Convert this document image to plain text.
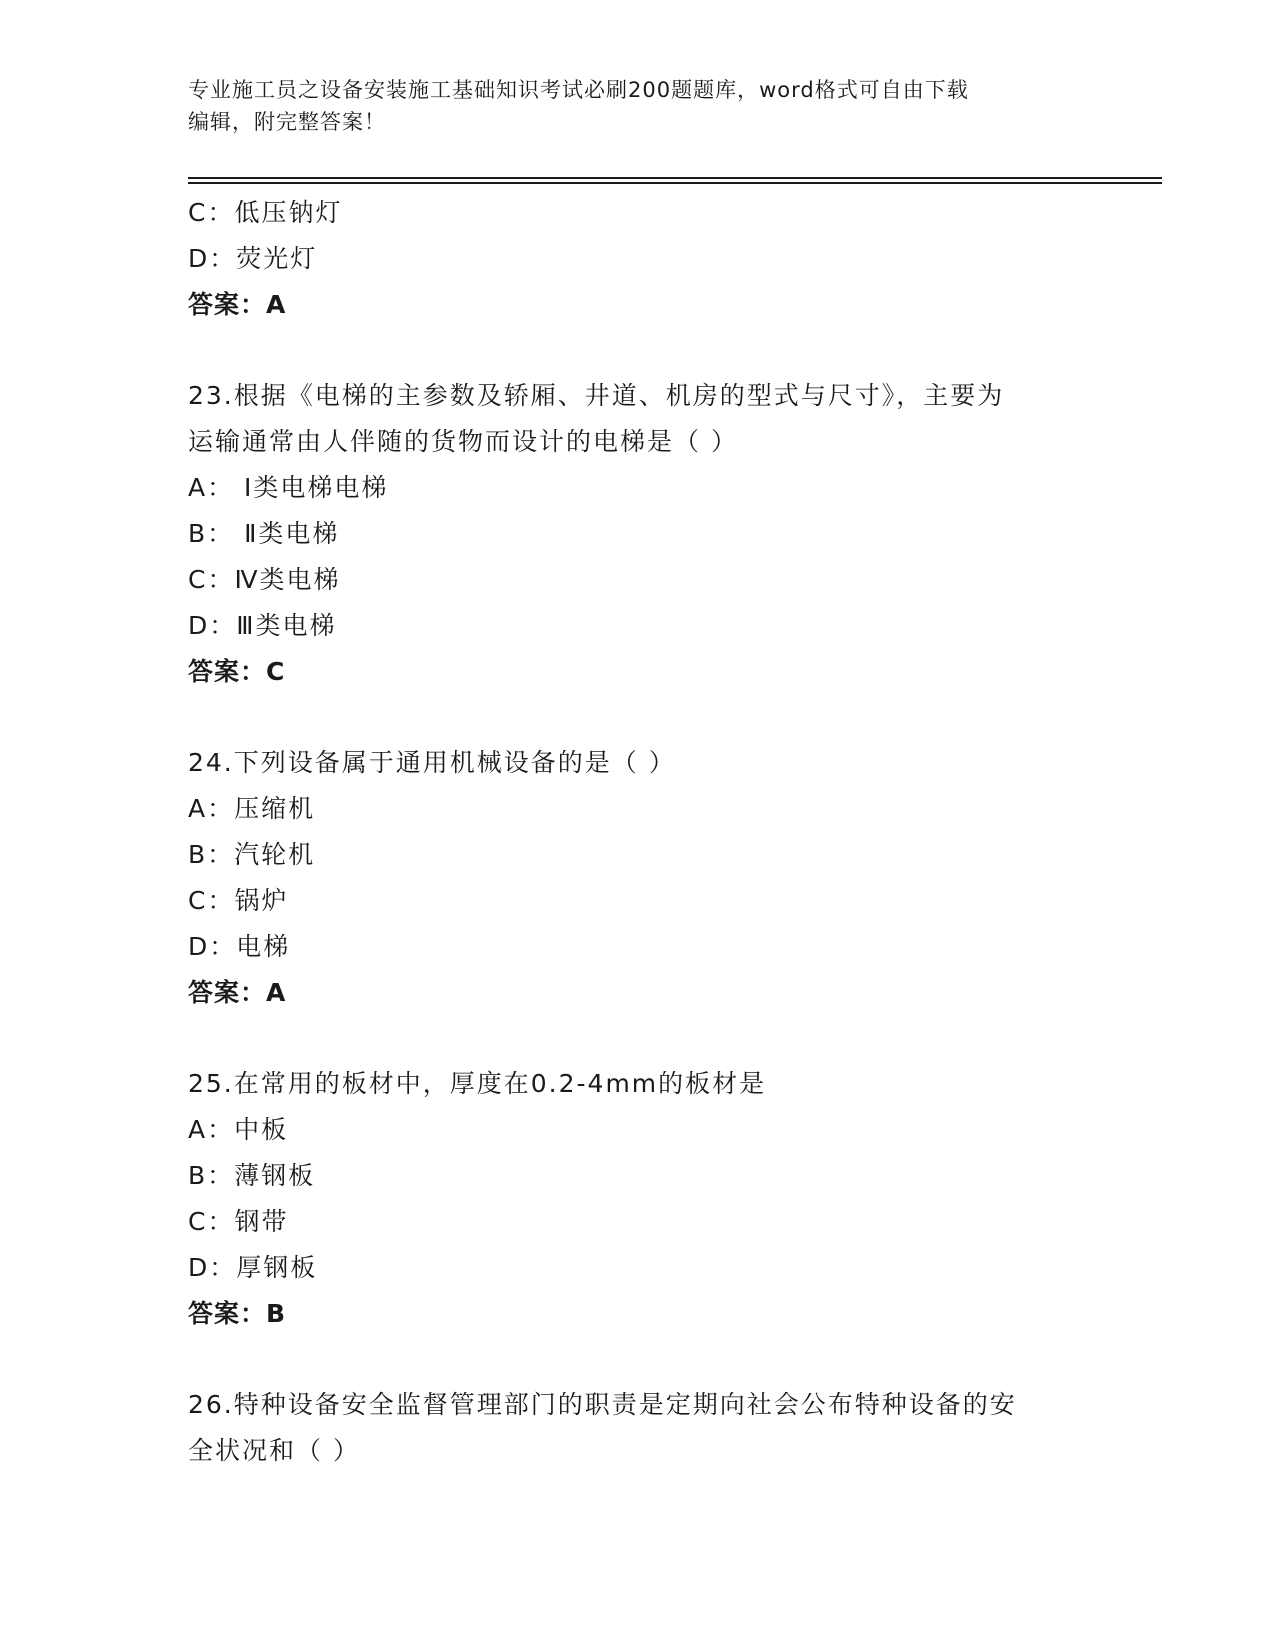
专业施工员之设备安装施工基础知识考试必刷200题题库，word格式可自由下载
编辑，附完整答案！
C：低压钠灯
D：荧光灯
答案：A
23.根据《电梯的主参数及轿厢、井道、机房的型式与尺寸》，主要为
运输通常由人伴随的货物而设计的电梯是（ ）
A： Ⅰ类电梯电梯
B： Ⅱ类电梯
C：Ⅳ类电梯
D：Ⅲ类电梯
答案：C
24.下列设备属于通用机械设备的是（ ）
A：压缩机
B：汽轮机
C：锅炉
D：电梯
答案：A
25.在常用的板材中，厚度在0.2-4mm的板材是
A：中板
B：薄钢板
C：钢带
D：厚钢板
答案：B
26.特种设备安全监督管理部门的职责是定期向社会公布特种设备的安
全状况和（ ）
